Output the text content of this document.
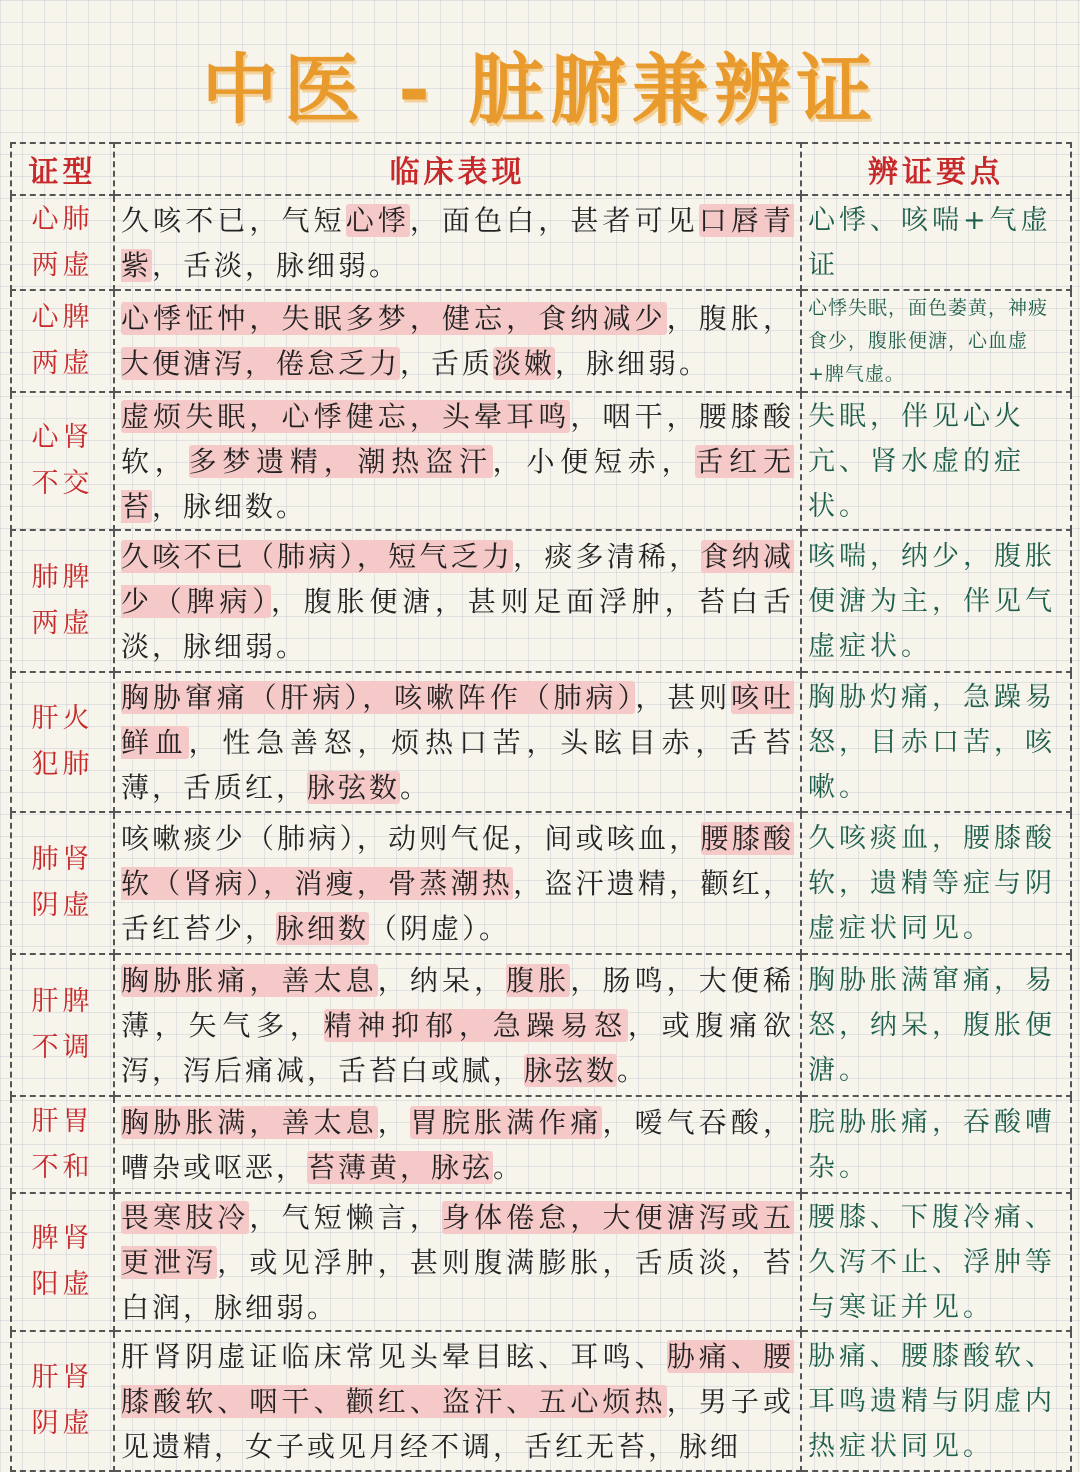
中医 - 脏腑兼辨证
证型	临床表现	辨证要点

心肺
两虚	久咳不已，气短心悸，面色白，甚者可见口唇青紫，舌淡，脉细弱。	心悸、咳喘+气虚证

心脾
两虚	心悸怔忡，失眠多梦，健忘，食纳减少，腹胀，大便溏泻，倦怠乏力，舌质淡嫩，脉细弱。	心悸失眠，面色萎黄，神疲食少，腹胀便溏，心血虚+脾气虚。

心肾
不交	虚烦失眠，心悸健忘，头晕耳鸣，咽干，腰膝酸软，多梦遗精，潮热盗汗，小便短赤，舌红无苔，脉细数。	失眠，伴见心火亢、肾水虚的症状。

肺脾
两虚	久咳不已（肺病），短气乏力，痰多清稀，食纳减少（脾病），腹胀便溏，甚则足面浮肿，苔白舌淡，脉细弱。	咳喘，纳少，腹胀便溏为主，伴见气虚症状。

肝火
犯肺	胸胁窜痛（肝病），咳嗽阵作（肺病），甚则咳吐鲜血，性急善怒，烦热口苦，头眩目赤，舌苔薄，舌质红，脉弦数。	胸胁灼痛，急躁易怒，目赤口苦，咳嗽。

肺肾
阴虚	咳嗽痰少（肺病），动则气促，间或咳血，腰膝酸软（肾病），消瘦，骨蒸潮热，盗汗遗精，颧红，舌红苔少，脉细数（阴虚）。	久咳痰血，腰膝酸软，遗精等症与阴虚症状同见。

肝脾
不调	胸胁胀痛，善太息，纳呆，腹胀，肠鸣，大便稀薄，矢气多，精神抑郁，急躁易怒，或腹痛欲泻，泻后痛减，舌苔白或腻，脉弦数。	胸胁胀满窜痛，易怒，纳呆，腹胀便溏。

肝胃
不和	胸胁胀满，善太息，胃脘胀满作痛，嗳气吞酸，嘈杂或呕恶，苔薄黄，脉弦。	脘胁胀痛，吞酸嘈杂。

脾肾
阳虚	畏寒肢冷，气短懒言，身体倦怠，大便溏泻或五更泄泻，或见浮肿，甚则腹满膨胀，舌质淡，苔白润，脉细弱。	腰膝、下腹冷痛、久泻不止、浮肿等与寒证并见。

肝肾
阴虚	肝肾阴虚证临床常见头晕目眩、耳鸣、胁痛、腰膝酸软、咽干、颧红、盗汗、五心烦热，男子或见遗精，女子或见月经不调，舌红无苔，脉细	胁痛、腰膝酸软、耳鸣遗精与阴虚内热症状同见。
